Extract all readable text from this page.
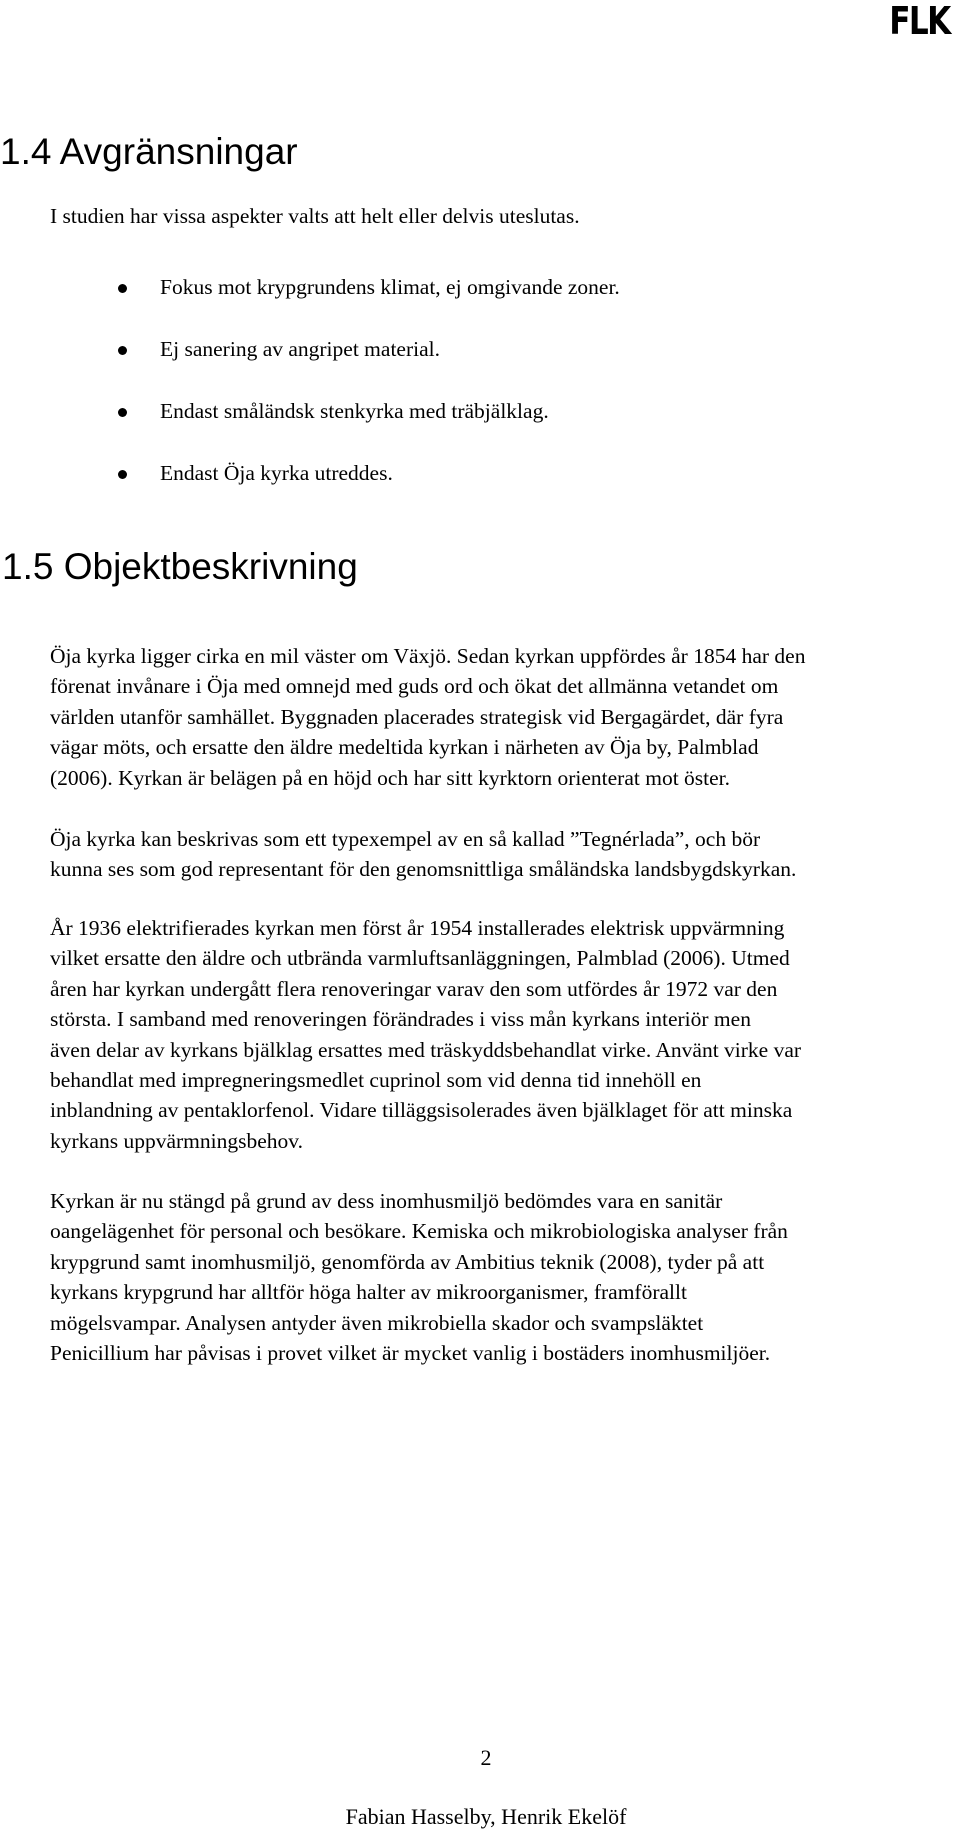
FLK
1.4 Avgränsningar

I studien har vissa aspekter valts att helt eller delvis uteslutas.

Fokus mot krypgrundens klimat, ej omgivande zoner.
Ej sanering av angripet material.
Endast småländsk stenkyrka med träbjälklag.
Endast Öja kyrka utreddes.
1.5 Objektbeskrivning

Öja kyrka ligger cirka en mil väster om Växjö. Sedan kyrkan uppfördes år 1854 har den
förenat invånare i Öja med omnejd med guds ord och ökat det allmänna vetandet om
världen utanför samhället. Byggnaden placerades strategisk vid Bergagärdet, där fyra
vägar möts, och ersatte den äldre medeltida kyrkan i närheten av Öja by, Palmblad
(2006). Kyrkan är belägen på en höjd och har sitt kyrktorn orienterat mot öster.

Öja kyrka kan beskrivas som ett typexempel av en så kallad ”Tegnérlada”, och bör
kunna ses som god representant för den genomsnittliga småländska landsbygdskyrkan.

År 1936 elektrifierades kyrkan men först år 1954 installerades elektrisk uppvärmning
vilket ersatte den äldre och utbrända varmluftsanläggningen, Palmblad (2006). Utmed
åren har kyrkan undergått flera renoveringar varav den som utfördes år 1972 var den
största. I samband med renoveringen förändrades i viss mån kyrkans interiör men
även delar av kyrkans bjälklag ersattes med träskyddsbehandlat virke. Använt virke var
behandlat med impregneringsmedlet cuprinol som vid denna tid innehöll en
inblandning av pentaklorfenol. Vidare tilläggsisolerades även bjälklaget för att minska
kyrkans uppvärmningsbehov.

Kyrkan är nu stängd på grund av dess inomhusmiljö bedömdes vara en sanitär
oangelägenhet för personal och besökare. Kemiska och mikrobiologiska analyser från
krypgrund samt inomhusmiljö, genomförda av Ambitius teknik (2008), tyder på att
kyrkans krypgrund har alltför höga halter av mikroorganismer, framförallt
mögelsvampar. Analysen antyder även mikrobiella skador och svampsläktet
Penicillium har påvisas i provet vilket är mycket vanlig i bostäders inomhusmiljöer.

2

Fabian Hasselby, Henrik Ekelöf
